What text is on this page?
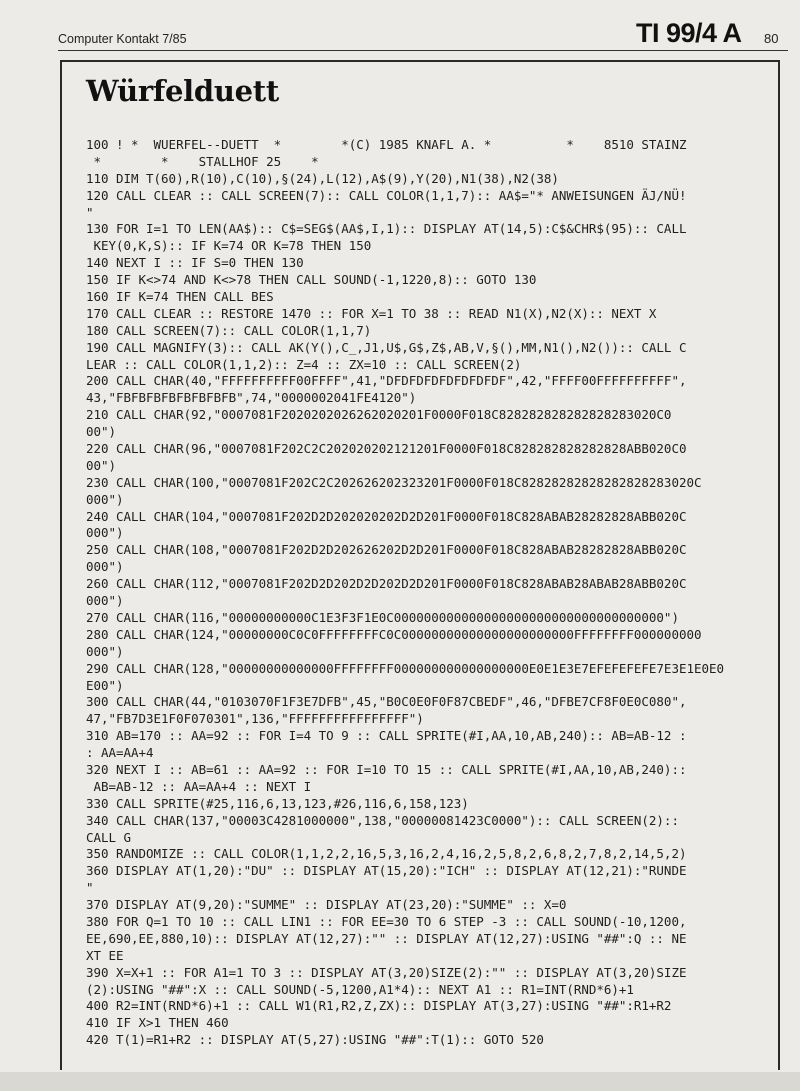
Computer Kontakt 7/85	TI 99/4 A 80
Würfelduett
100 ! *  WUERFEL--DUETT  *        *(C) 1985 KNAFL A. *          *    8510 STAINZ
*        *    STALLHOF 25    *
110 DIM T(60),R(10),C(10),§(24),L(12),A$(9),Y(20),N1(38),N2(38)
120 CALL CLEAR :: CALL SCREEN(7):: CALL COLOR(1,1,7):: AA$="* ANWEISUNGEN ÄJ/NÜ!
"
130 FOR I=1 TO LEN(AA$):: C$=SEG$(AA$,I,1):: DISPLAY AT(14,5):C$&CHR$(95):: CALL
KEY(0,K,S):: IF K=74 OR K=78 THEN 150
140 NEXT I :: IF S=0 THEN 130
150 IF K<>74 AND K<>78 THEN CALL SOUND(-1,1220,8):: GOTO 130
160 IF K=74 THEN CALL BES
170 CALL CLEAR :: RESTORE 1470 :: FOR X=1 TO 38 :: READ N1(X),N2(X):: NEXT X
180 CALL SCREEN(7):: CALL COLOR(1,1,7)
190 CALL MAGNIFY(3):: CALL AK(Y(),C_,J1,U$,G$,Z$,AB,V,§(),MM,N1(),N2()):: CALL C
LEAR :: CALL COLOR(1,1,2):: Z=4 :: ZX=10 :: CALL SCREEN(2)
200 CALL CHAR(40,"FFFFFFFFFF00FFFF",41,"DFDFDFDFDFDFDFDF",42,"FFFF00FFFFFFFFFF",
43,"FBFBFBFBFBFBFBFB",74,"0000002041FE4120")
210 CALL CHAR(92,"0007081F2020202026262020201F0000F018C828282828282828283020C0
00")
220 CALL CHAR(96,"0007081F202C2C202020202121201F0000F018C828282828282828ABB020C0
00")
230 CALL CHAR(100,"0007081F202C2C202626202323201F0000F018C82828282828282828283020C
000")
240 CALL CHAR(104,"0007081F202D2D202020202D2D201F0000F018C828ABAB28282828ABB020C
000")
250 CALL CHAR(108,"0007081F202D2D202626202D2D201F0000F018C828ABAB28282828ABB020C
000")
260 CALL CHAR(112,"0007081F202D2D202D2D202D2D201F0000F018C828ABAB28ABAB28ABB020C
000")
270 CALL CHAR(116,"00000000000C1E3F3F1E0C000000000000000000000000000000000000")
280 CALL CHAR(124,"00000000C0C0FFFFFFFFC0C00000000000000000000000FFFFFFFF000000000
000")
290 CALL CHAR(128,"00000000000000FFFFFFFF000000000000000000E0E1E3E7EFEFEFEFE7E3E1E0E0
E00")
300 CALL CHAR(44,"0103070F1F3E7DFB",45,"B0C0E0F0F87CBEDF",46,"DFBE7CF8F0E0C080",
47,"FB7D3E1F0F070301",136,"FFFFFFFFFFFFFFFF")
310 AB=170 :: AA=92 :: FOR I=4 TO 9 :: CALL SPRITE(#I,AA,10,AB,240):: AB=AB-12 :
: AA=AA+4
320 NEXT I :: AB=61 :: AA=92 :: FOR I=10 TO 15 :: CALL SPRITE(#I,AA,10,AB,240)::
AB=AB-12 :: AA=AA+4 :: NEXT I
330 CALL SPRITE(#25,116,6,13,123,#26,116,6,158,123)
340 CALL CHAR(137,"00003C4281000000",138,"00000081423C0000"):: CALL SCREEN(2)::
CALL G
350 RANDOMIZE :: CALL COLOR(1,1,2,2,16,5,3,16,2,4,16,2,5,8,2,6,8,2,7,8,2,14,5,2)
360 DISPLAY AT(1,20):"DU" :: DISPLAY AT(15,20):"ICH" :: DISPLAY AT(12,21):"RUNDE
"
370 DISPLAY AT(9,20):"SUMME" :: DISPLAY AT(23,20):"SUMME" :: X=0
380 FOR Q=1 TO 10 :: CALL LIN1 :: FOR EE=30 TO 6 STEP -3 :: CALL SOUND(-10,1200,
EE,690,EE,880,10):: DISPLAY AT(12,27):"" :: DISPLAY AT(12,27):USING "##":Q :: NE
XT EE
390 X=X+1 :: FOR A1=1 TO 3 :: DISPLAY AT(3,20)SIZE(2):"" :: DISPLAY AT(3,20)SIZE
(2):USING "##":X :: CALL SOUND(-5,1200,A1*4):: NEXT A1 :: R1=INT(RND*6)+1
400 R2=INT(RND*6)+1 :: CALL W1(R1,R2,Z,ZX):: DISPLAY AT(3,27):USING "##":R1+R2
410 IF X>1 THEN 460
420 T(1)=R1+R2 :: DISPLAY AT(5,27):USING "##":T(1):: GOTO 520
